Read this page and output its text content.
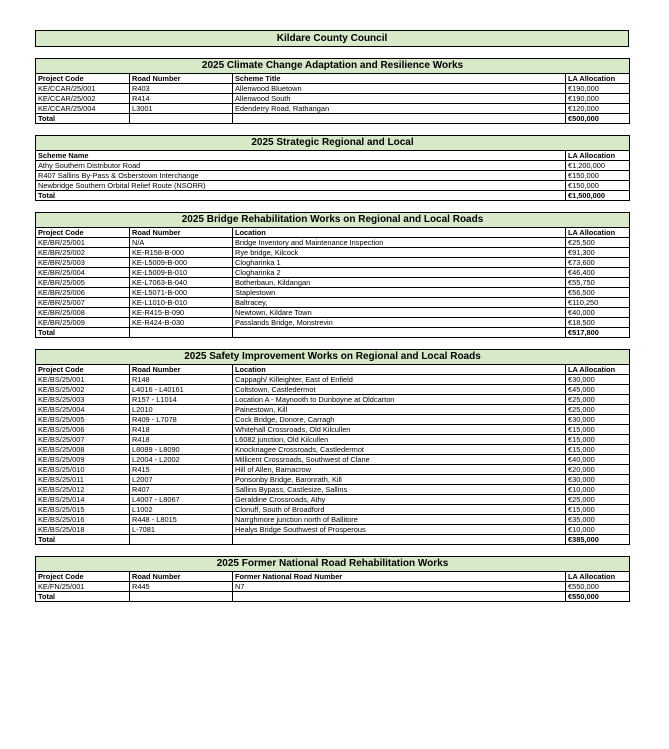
Kildare County Council
2025 Climate Change Adaptation and Resilience Works			
Project Code	Road Number	Scheme Title	LA Allocation
KE/CCAR/25/001	R403	Allenwood Bluetown	€190,000
KE/CCAR/25/002	R414	Allenwood South	€190,000
KE/CCAR/25/004	L3001	Edenderry Road, Rathangan	€120,000
Total			€500,000
2025 Strategic Regional and Local	
Scheme Name	LA Allocation
Athy Southern Distributor Road	€1,200,000
R407 Sallins By-Pass & Osberstown Interchange	€150,000
Newbridge Southern Orbital Relief Route (NSORR)	€150,000
Total	€1,500,000
2025 Bridge Rehabilitation Works on Regional and Local Roads			
Project Code	Road Number	Location	LA Allocation
KE/BR/25/001	N/A	Bridge Inventory and Maintenance Inspection	€25,500
KE/BR/25/002	KE-R158-B-000	Rye bridge, Kilcock	€91,300
KE/BR/25/003	KE-L5009-B-000	Clogharinka 1	€73,600
KE/BR/25/004	KE-L5009-B-010	Clogharinka 2	€46,400
KE/BR/25/005	KE-L7063-B-040	Botherbaun, Kildangan	€55,750
KE/BR/25/006	KE-L5071-B-000	Staplestown	€56,500
KE/BR/25/007	KE-L1010-B-010	Baltracey,	€110,250
KE/BR/25/008	KE-R415-B-090	Newtown, Kildare Town	€40,000
KE/BR/25/009	KE-R424-B-030	Passlands Bridge, Monstrevin	€18,500
Total			€517,800
2025 Safety Improvement Works on Regional and Local Roads			
Project Code	Road Number	Location	LA Allocation
KE/BS/25/001	R148	Cappagh/ Killeighter, East of Enfield	€30,000
KE/BS/25/002	L4016 - L40161	Coltstown, Castledermot	€45,000
KE/BS/25/003	R157 - L1014	Location A - Maynooth to Dunboyne at Oldcarton	€25,000
KE/BS/25/004	L2010	Painestown, Kill	€25,000
KE/BS/25/005	R409 - L7078	Cock Bridge, Donore, Carragh	€30,000
KE/BS/25/006	R418	Whitehall Crossroads, Old Kilcullen	€15,000
KE/BS/25/007	R418	L6082 junction, Old Kilcullen	€15,000
KE/BS/25/008	L8089 - L8090	Knocknagee Crossroads, Castledermot	€15,000
KE/BS/25/009	L2004 - L2002	Millicent Crossroads, Southwest of Clane	€40,000
KE/BS/25/010	R415	Hill of Allen, Barnacrow	€20,000
KE/BS/25/011	L2007	Ponsonby Bridge, Baronrath, Kill	€30,000
KE/BS/25/012	R407	Sallins Bypass, Castlesize, Sallins	€10,000
KE/BS/25/014	L4007 - L8067	Geraldine Crossroads, Athy	€25,000
KE/BS/25/015	L1002	Clonuff, South of Broadford	€15,000
KE/BS/25/016	R448 - L8015	Narrghmore junction north of Ballitore	€35,000
KE/BS/25/018	L-7081	Healys Bridge Southwest of Prosperous	€10,000
Total			€385,000
2025 Former National Road Rehabilitation Works			
Project Code	Road Number	Former National Road Number	LA Allocation
KE/FN/25/001	R445	N7	€550,000
Total			€550,000
